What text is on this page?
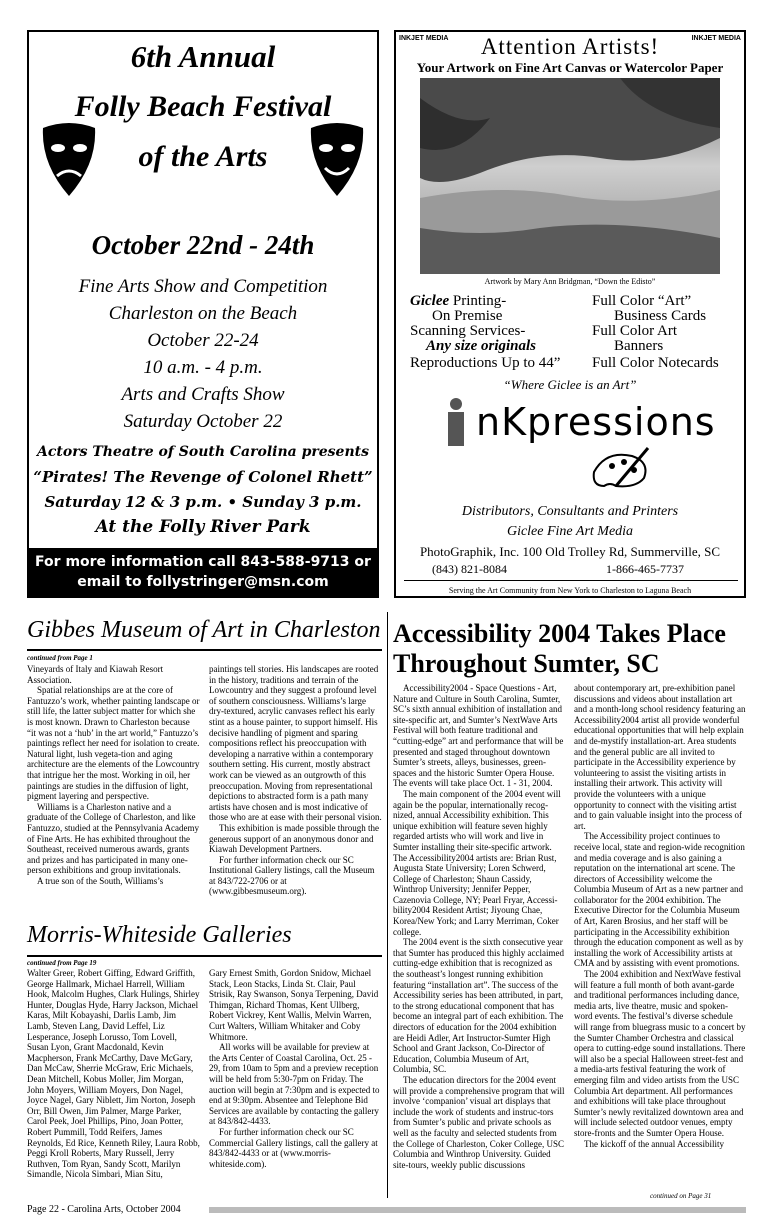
6th Annual
Folly Beach Festival
of the Arts
October 22nd - 24th
Fine Arts Show and Competition
Charleston on the Beach
October 22-24
10 a.m. - 4 p.m.
Arts and Crafts Show
Saturday October 22
Actors Theatre of South Carolina presents
“Pirates! The Revenge of Colonel Rhett”
Saturday 12 & 3 p.m. • Sunday 3 p.m.
At the Folly River Park
For more information call 843-588-9713 or
email to follystringer@msn.com
INKJET MEDIA	INKJET MEDIA
Attention Artists!
Your Artwork on Fine Art Canvas or Watercolor Paper
Artwork by Mary Ann Bridgman, “Down the Edisto”
Giclee Printing-
On Premise
Scanning Services-
Any size originals
Reproductions Up to 44”
Full Color “Art”
Business Cards
Full Color Art
Banners
Full Color Notecards
“Where Giclee is an Art”
nKpressions
Distributors, Consultants and Printers
Giclee Fine Art Media
PhotoGraphik, Inc. 100 Old Trolley Rd, Summerville, SC
(843) 821-8084	1-866-465-7737
Serving the Art Community from New York to Charleston to Laguna Beach
Gibbes Museum of Art in Charleston
continued from Page 1

Vineyards of Italy and Kiawah Resort Association.

Spatial relationships are at the core of Fantuzzo’s work, whether painting landscape or still life, the latter subject matter for which she is most known. Drawn to Charleston because “it was not a ‘hub’ in the art world,” Fantuzzo’s paintings reflect her need for isolation to create. Natural light, lush vegeta-tion and aging architecture are the elements of the Lowcountry that intrigue her the most. Working in oil, her paintings are studies in the diffusion of light, pigment layering and perspective.

Williams is a Charleston native and a graduate of the College of Charleston, and like Fantuzzo, studied at the Pennsylvania Academy of Fine Arts. He has exhibited throughout the Southeast, received numerous awards, grants and prizes and has participated in many one-person exhibitions and group invitationals.

A true son of the South, Williams’s

paintings tell stories. His landscapes are rooted in the history, traditions and terrain of the Lowcountry and they suggest a profound level of southern consciousness. Williams’s large dry-textured, acrylic canvases reflect his early stint as a house painter, to support himself. His decisive handling of pigment and sparing compositions reflect his preoccupation with developing a narrative within a contemporary southern setting. His current, mostly abstract work can be viewed as an outgrowth of this preoccupation. Moving from representational depictions to abstracted form is a path many artists have chosen and is most indicative of those who are at ease with their personal vision.

This exhibition is made possible through the generous support of an anonymous donor and Kiawah Development Partners.

For further information check our SC Institutional Gallery listings, call the Museum at 843/722-2706 or at (www.gibbesmuseum.org).

Morris-Whiteside Galleries
continued from Page 19

Walter Greer, Robert Giffing, Edward Griffith, George Hallmark, Michael Harrell, William Hook, Malcolm Hughes, Clark Hulings, Shirley Hunter, Douglas Hyde, Harry Jackson, Michael Karas, Milt Kobayashi, Darlis Lamb, Jim Lamb, Steven Lang, David Leffel, Liz Lesperance, Joseph Lorusso, Tom Lovell, Susan Lyon, Grant Macdonald, Kevin Macpherson, Frank McCarthy, Dave McGary, Dan McCaw, Sherrie McGraw, Eric Michaels, Dean Mitchell, Kobus Moller, Jim Morgan, John Moyers, William Moyers, Don Nagel, Joyce Nagel, Gary Niblett, Jim Norton, Joseph Orr, Bill Owen, Jim Palmer, Marge Parker, Carol Peek, Joel Phillips, Pino, Joan Potter, Robert Pummill, Todd Reifers, James Reynolds, Ed Rice, Kenneth Riley, Laura Robb, Peggi Kroll Roberts, Mary Russell, Jerry Ruthven, Tom Ryan, Sandy Scott, Marilyn Simandle, Nicola Simbari, Mian Situ,

Gary Ernest Smith, Gordon Snidow, Michael Stack, Leon Stacks, Linda St. Clair, Paul Strisik, Ray Swanson, Sonya Terpening, David Thimgan, Richard Thomas, Kent Ullberg, Robert Vickrey, Kent Wallis, Melvin Warren, Curt Walters, William Whitaker and Coby Whitmore.

All works will be available for preview at the Arts Center of Coastal Carolina, Oct. 25 - 29, from 10am to 5pm and a preview reception will be held from 5:30-7pm on Friday. The auction will begin at 7:30pm and is expected to end at 9:30pm. Absentee and Telephone Bid Services are available by contacting the gallery at 843/842-4433.

For further information check our SC Commercial Gallery listings, call the gallery at 843/842-4433 or at (www.morris-whiteside.com).

Accessibility 2004 Takes Place
Throughout Sumter, SC

Accessibility2004 - Space Questions - Art, Nature and Culture in South Carolina, Sumter, SC’s sixth annual exhibition of installation and site-specific art, and Sumter’s NextWave Arts Festival will both feature traditional and “cutting-edge” art and performance that will be presented and staged throughout downtown Sumter’s streets, alleys, businesses, green-spaces and the historic Sumter Opera House. The events will take place Oct. 1 - 31, 2004.

The main component of the 2004 event will again be the popular, internationally recog-nized, annual Accessibility exhibition. This unique exhibition will feature seven highly regarded artists who will work and live in Sumter installing their site-specific artwork. The Accessibility2004 artists are: Brian Rust, Augusta State University; Loren Schwerd, College of Charleston; Shaun Cassidy, Winthrop University; Jennifer Pepper, Cazenovia College, NY; Pearl Fryar, Accessi-bility2004 Resident Artist; Jiyoung Chae, Korea/New York; and Larry Merriman, Coker college.

The 2004 event is the sixth consecutive year that Sumter has produced this highly acclaimed cutting-edge exhibition that is recognized as the southeast’s longest running exhibition featuring “installation art”. The success of the Accessibility series has been attributed, in part, to the strong educational component that has become an integral part of each exhibition. The directors of education for the 2004 exhibition are Heidi Adler, Art Instructor-Sumter High School and Grant Jackson, Co-Director of Education, Columbia Museum of Art, Columbia, SC.

The education directors for the 2004 event will provide a comprehensive program that will involve ‘companion’ visual art displays that include the work of students and instruc-tors from Sumter’s public and private schools as well as the faculty and selected students from the College of Charleston, Coker College, USC Columbia and Winthrop University. Guided site-tours, weekly public discussions

about contemporary art, pre-exhibition panel discussions and videos about installation art and a month-long school residency featuring an Accessibility2004 artist all provide wonderful educational opportunities that will help explain and de-mystify installation-art. Area students and the general public are all invited to participate in the Accessibility experience by volunteering to assist the visiting artists in installing their artwork. This activity will provide the volunteers with a unique opportunity to connect with the visiting artist and to gain valuable insight into the process of art.

The Accessibility project continues to receive local, state and region-wide recognition and media coverage and is also gaining a reputation on the international art scene. The directors of Accessibility welcome the Columbia Museum of Art as a new partner and collaborator for the 2004 exhibition. The Executive Director for the Columbia Museum of Art, Karen Brosius, and her staff will be participating in the Accessibility exhibition through the education component as well as by installing the work of Accessibility artists at CMA and by assisting with event promotions.

The 2004 exhibition and NextWave festival will feature a full month of both avant-garde and traditional performances including dance, media arts, live theatre, music and spoken-word events. The festival’s diverse schedule will range from bluegrass music to a concert by the Sumter Chamber Orchestra and classical opera to cutting-edge sound installations. There will also be a special Halloween street-fest and a media-arts festival featuring the work of emerging film and video artists from the USC Columbia Art department. All performances and exhibitions will take place throughout Sumter’s newly revitalized downtown area and will include selected outdoor venues, empty store-fronts and the Sumter Opera House.

The kickoff of the annual Accessibility

continued on Page 31
Page 22 - Carolina Arts, October 2004
